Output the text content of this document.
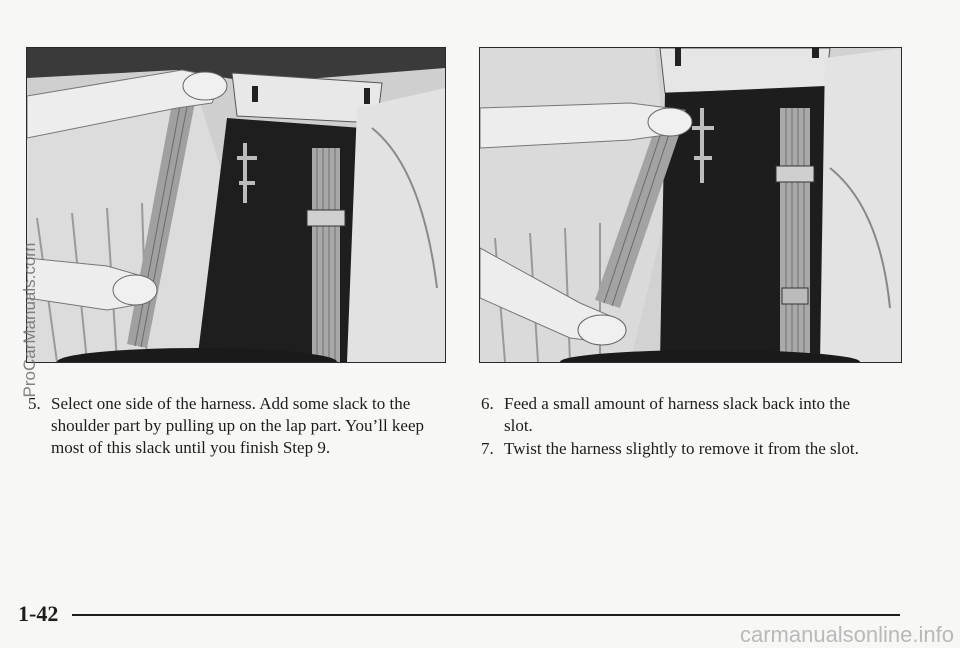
5. Select one side of the harness. Add some slack to the shoulder part by pulling up on the lap part. You’ll keep most of this slack until you finish Step 9.
6. Feed a small amount of harness slack back into the slot.
7. Twist the harness slightly to remove it from the slot.
1-42
ProCarManuals.com
carmanualsonline.info
